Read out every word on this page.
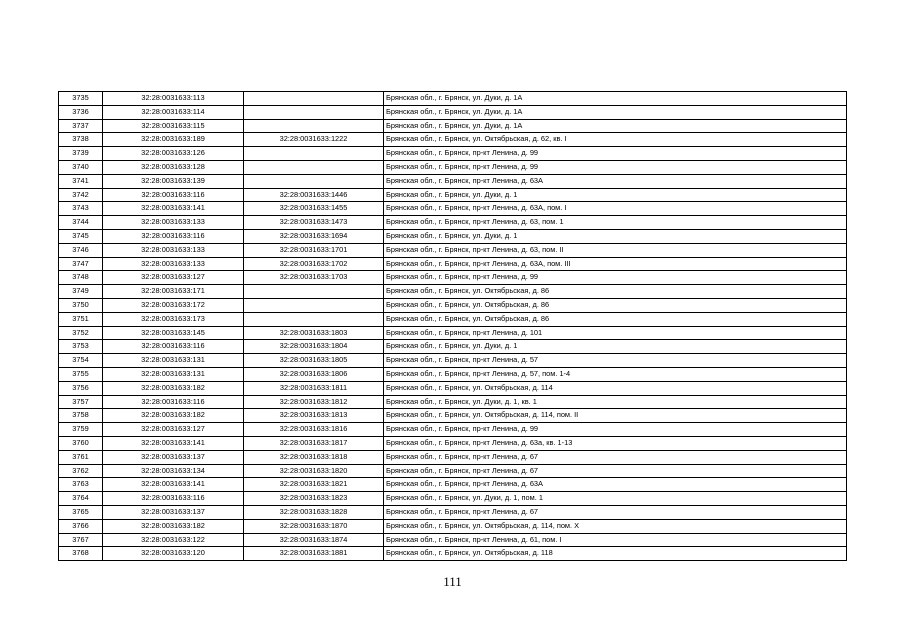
3735	32:28:0031633:113		Брянская обл., г. Брянск, ул. Дуки, д. 1А
3736	32:28:0031633:114		Брянская обл., г. Брянск, ул. Дуки, д. 1А
3737	32:28:0031633:115		Брянская обл., г. Брянск, ул. Дуки, д. 1А
3738	32:28:0031633:189	32:28:0031633:1222	Брянская обл., г. Брянск, ул. Октябрьская, д. 62, кв. I
3739	32:28:0031633:126		Брянская обл., г. Брянск, пр-кт Ленина, д. 99
3740	32:28:0031633:128		Брянская обл., г. Брянск, пр-кт Ленина, д. 99
3741	32:28:0031633:139		Брянская обл., г. Брянск, пр-кт Ленина, д. 63А
3742	32:28:0031633:116	32:28:0031633:1446	Брянская обл., г. Брянск, ул. Дуки, д. 1
3743	32:28:0031633:141	32:28:0031633:1455	Брянская обл., г. Брянск, пр-кт Ленина, д. 63А, пом. I
3744	32:28:0031633:133	32:28:0031633:1473	Брянская обл., г. Брянск, пр-кт Ленина, д. 63, пом. 1
3745	32:28:0031633:116	32:28:0031633:1694	Брянская обл., г. Брянск, ул. Дуки, д. 1
3746	32:28:0031633:133	32:28:0031633:1701	Брянская обл., г. Брянск, пр-кт Ленина, д. 63, пом. II
3747	32:28:0031633:133	32:28:0031633:1702	Брянская обл., г. Брянск, пр-кт Ленина, д. 63А, пом. III
3748	32:28:0031633:127	32:28:0031633:1703	Брянская обл., г. Брянск, пр-кт Ленина, д. 99
3749	32:28:0031633:171		Брянская обл., г. Брянск, ул. Октябрьская, д. 86
3750	32:28:0031633:172		Брянская обл., г. Брянск, ул. Октябрьская, д. 86
3751	32:28:0031633:173		Брянская обл., г. Брянск, ул. Октябрьская, д. 86
3752	32:28:0031633:145	32:28:0031633:1803	Брянская обл., г. Брянск, пр-кт Ленина, д. 101
3753	32:28:0031633:116	32:28:0031633:1804	Брянская обл., г. Брянск, ул. Дуки, д. 1
3754	32:28:0031633:131	32:28:0031633:1805	Брянская обл., г. Брянск, пр-кт Ленина, д. 57
3755	32:28:0031633:131	32:28:0031633:1806	Брянская обл., г. Брянск, пр-кт Ленина, д. 57, пом. 1-4
3756	32:28:0031633:182	32:28:0031633:1811	Брянская обл., г. Брянск, ул. Октябрьская, д. 114
3757	32:28:0031633:116	32:28:0031633:1812	Брянская обл., г. Брянск, ул. Дуки, д. 1, кв. 1
3758	32:28:0031633:182	32:28:0031633:1813	Брянская обл., г. Брянск, ул. Октябрьская, д. 114, пом. II
3759	32:28:0031633:127	32:28:0031633:1816	Брянская обл., г. Брянск, пр-кт Ленина, д. 99
3760	32:28:0031633:141	32:28:0031633:1817	Брянская обл., г. Брянск, пр-кт Ленина, д. 63а, кв. 1-13
3761	32:28:0031633:137	32:28:0031633:1818	Брянская обл., г. Брянск, пр-кт Ленина, д. 67
3762	32:28:0031633:134	32:28:0031633:1820	Брянская обл., г. Брянск, пр-кт Ленина, д. 67
3763	32:28:0031633:141	32:28:0031633:1821	Брянская обл., г. Брянск, пр-кт Ленина, д. 63А
3764	32:28:0031633:116	32:28:0031633:1823	Брянская обл., г. Брянск, ул. Дуки, д. 1, пом. 1
3765	32:28:0031633:137	32:28:0031633:1828	Брянская обл., г. Брянск, пр-кт Ленина, д. 67
3766	32:28:0031633:182	32:28:0031633:1870	Брянская обл., г. Брянск, ул. Октябрьская, д. 114, пом. X
3767	32:28:0031633:122	32:28:0031633:1874	Брянская обл., г. Брянск, пр-кт Ленина, д. 61, пом. I
3768	32:28:0031633:120	32:28:0031633:1881	Брянская обл., г. Брянск, ул. Октябрьская, д. 118
111
